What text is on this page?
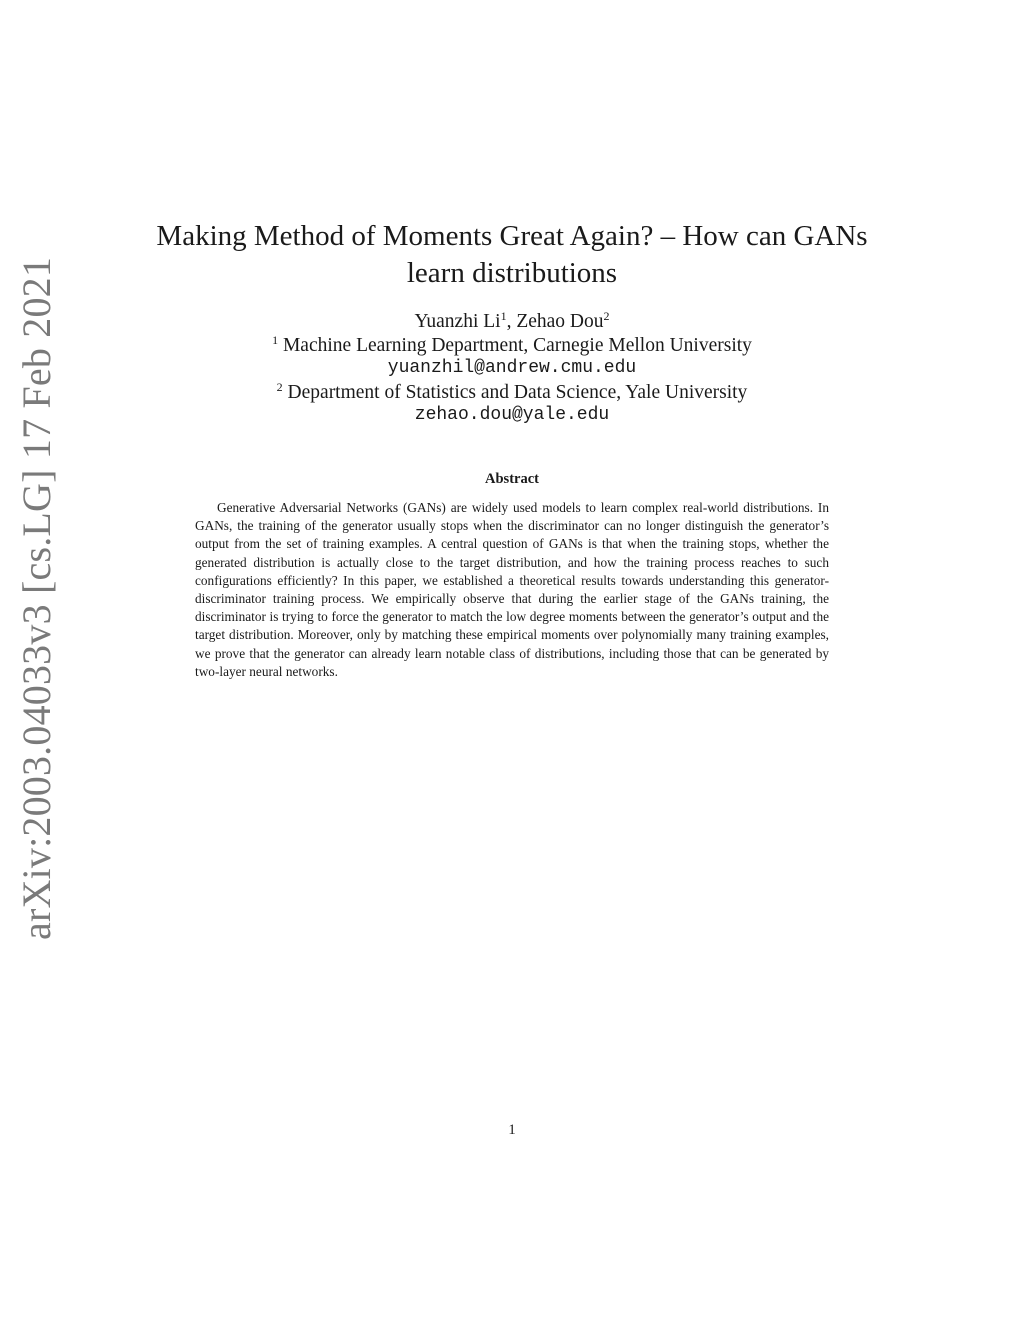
arXiv:2003.04033v3 [cs.LG] 17 Feb 2021
Making Method of Moments Great Again? – How can GANs
learn distributions
Yuanzhi Li$^1$, Zehao Dou$^2$
$^1$ Machine Learning Department, Carnegie Mellon University
yuanzhil@andrew.cmu.edu
$^2$ Department of Statistics and Data Science, Yale University
zehao.dou@yale.edu
Abstract

Generative Adversarial Networks (GANs) are widely used models to learn complex real-world distributions. In GANs, the training of the generator usually stops when the discriminator can no longer distinguish the generator’s output from the set of training examples. A central question of GANs is that when the training stops, whether the generated distribution is actually close to the target distribution, and how the training process reaches to such configurations efficiently? In this paper, we established a theoretical results towards understanding this generator-discriminator training process. We empirically observe that during the earlier stage of the GANs training, the discriminator is trying to force the generator to match the low degree moments between the generator’s output and the target distribution. Moreover, only by matching these empirical moments over polynomially many training examples, we prove that the generator can already learn notable class of distributions, including those that can be generated by two-layer neural networks.

1
